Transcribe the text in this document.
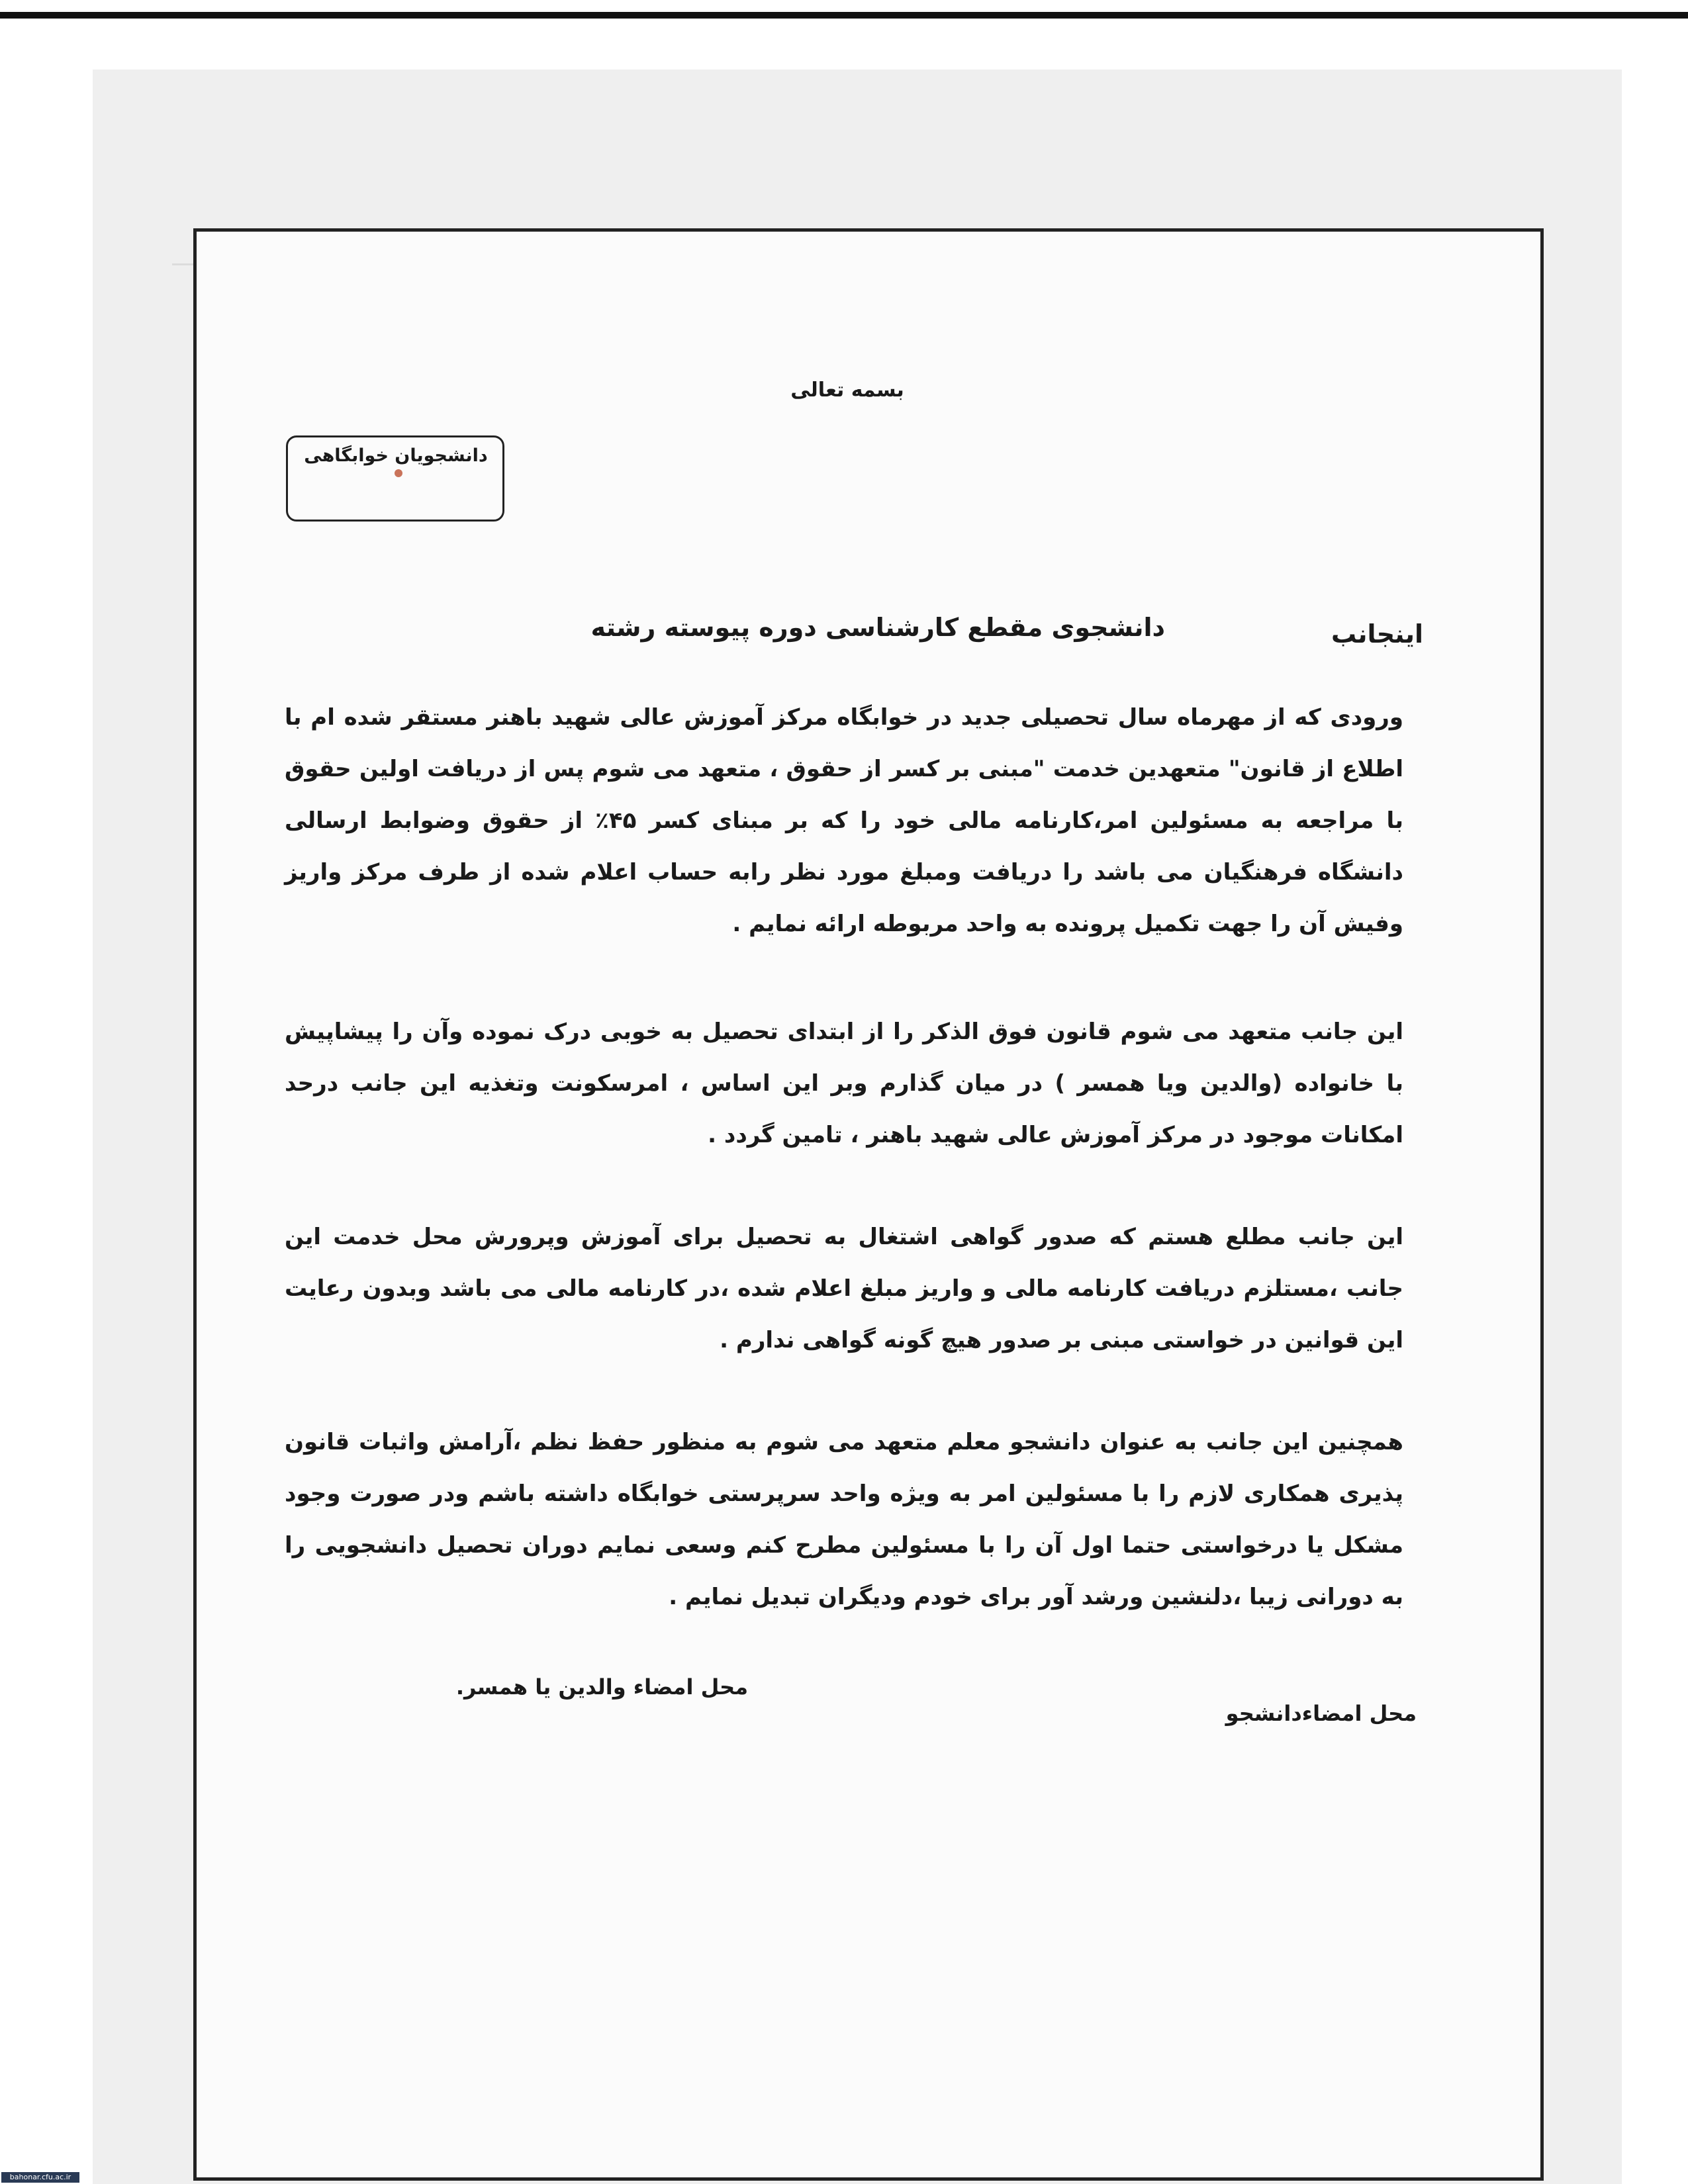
بسمه تعالی
دانشجویان خوابگاهی
اینجانب
دانشجوی مقطع کارشناسی دوره پیوسته رشته
ورودی که از مهرماه سال تحصیلی جدید در خوابگاه مرکز آموزش عالی شهید باهنر مستقر شده ام با اطلاع از قانون" متعهدین خدمت "مبنی بر کسر از حقوق ، متعهد می شوم پس از دریافت اولین حقوق با مراجعه به مسئولین امر،کارنامه مالی خود را که بر مبنای کسر ۴۵٪ از حقوق وضوابط ارسالی دانشگاه فرهنگیان می باشد را دریافت ومبلغ مورد نظر رابه حساب اعلام شده از طرف مرکز واریز وفیش آن را جهت تکمیل پرونده به واحد مربوطه ارائه نمایم .
این جانب متعهد می شوم قانون فوق الذکر را از ابتدای تحصیل به خوبی درک نموده وآن را پیشاپیش با خانواده (والدین ویا همسر ) در میان گذارم وبر این اساس ، امرسکونت وتغذیه این جانب درحد امکانات موجود در مرکز آموزش عالی شهید باهنر ، تامین گردد .
این جانب مطلع هستم که صدور گواهی اشتغال به تحصیل برای آموزش وپرورش محل خدمت این جانب ،مستلزم دریافت کارنامه مالی و واریز مبلغ اعلام شده ،در کارنامه مالی می باشد وبدون رعایت این قوانین در خواستی مبنی بر صدور هیچ گونه گواهی ندارم .
همچنین این جانب به عنوان دانشجو معلم متعهد می شوم به منظور حفظ نظم ،آرامش واثبات قانون پذیری همکاری لازم را با مسئولین امر به ویژه واحد سرپرستی خوابگاه داشته باشم ودر صورت وجود مشکل یا درخواستی حتما اول آن را با مسئولین مطرح کنم وسعی نمایم دوران تحصیل دانشجویی را به دورانی زیبا ،دلنشین ورشد آور برای خودم ودیگران تبدیل نمایم .
محل امضاءدانشجو
محل امضاء والدین یا همسر.
bahonar.cfu.ac.ir
